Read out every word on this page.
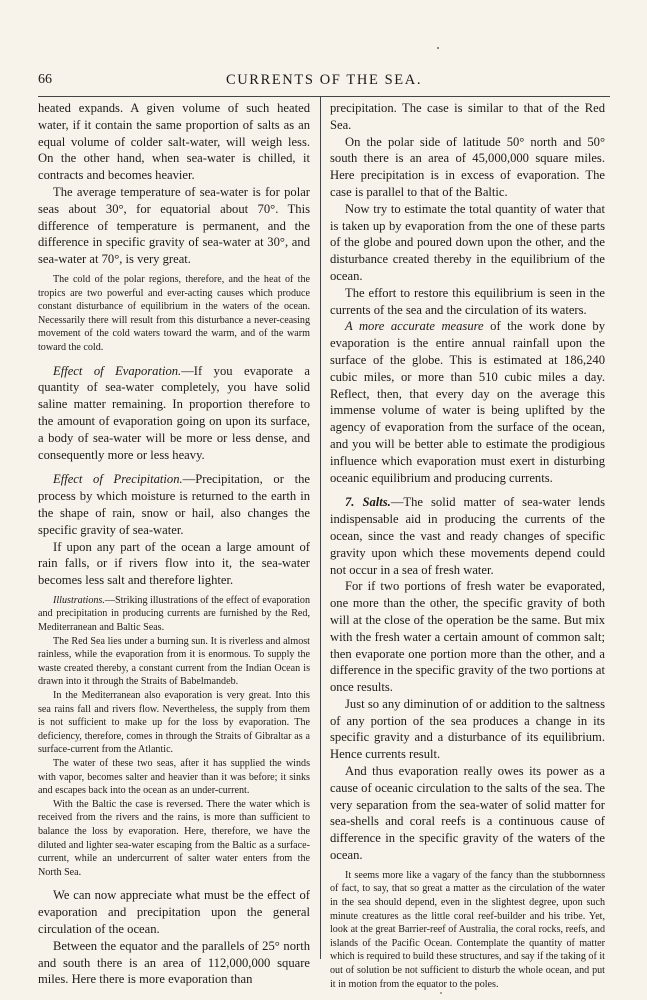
66	CURRENTS OF THE SEA.

heated expands. A given volume of such heated water, if it contain the same proportion of salts as an equal volume of colder salt-water, will weigh less. On the other hand, when sea-water is chilled, it contracts and becomes heavier.

The average temperature of sea-water is for polar seas about 30°, for equatorial about 70°. This difference of temperature is permanent, and the difference in specific gravity of sea-water at 30°, and sea-water at 70°, is very great.

The cold of the polar regions, therefore, and the heat of the tropics are two powerful and ever-acting causes which produce constant disturbance of equilibrium in the waters of the ocean. Necessarily there will result from this disturbance a never-ceasing movement of the cold waters toward the warm, and of the warm toward the cold.

Effect of Evaporation.—If you evaporate a quantity of sea-water completely, you have solid saline matter remaining. In proportion therefore to the amount of evaporation going on upon its surface, a body of sea-water will be more or less dense, and consequently more or less heavy.

Effect of Precipitation.—Precipitation, or the process by which moisture is returned to the earth in the shape of rain, snow or hail, also changes the specific gravity of sea-water.

If upon any part of the ocean a large amount of rain falls, or if rivers flow into it, the sea-water becomes less salt and therefore lighter.

Illustrations.—Striking illustrations of the effect of evaporation and precipitation in producing currents are furnished by the Red, Mediterranean and Baltic Seas.

The Red Sea lies under a burning sun. It is riverless and almost rainless, while the evaporation from it is enormous. To supply the waste created thereby, a constant current from the Indian Ocean is drawn into it through the Straits of Babelmandeb.

In the Mediterranean also evaporation is very great. Into this sea rains fall and rivers flow. Nevertheless, the supply from them is not sufficient to make up for the loss by evaporation. The deficiency, therefore, comes in through the Straits of Gibraltar as a surface-current from the Atlantic.

The water of these two seas, after it has supplied the winds with vapor, becomes salter and heavier than it was before; it sinks and escapes back into the ocean as an under-current.

With the Baltic the case is reversed. There the water which is received from the rivers and the rains, is more than sufficient to balance the loss by evaporation. Here, therefore, we have the diluted and lighter sea-water escaping from the Baltic as a surface-current, while an undercurrent of salter water enters from the North Sea.

We can now appreciate what must be the effect of evaporation and precipitation upon the general circulation of the ocean.

Between the equator and the parallels of 25° north and south there is an area of 112,000,000 square miles. Here there is more evaporation than

precipitation. The case is similar to that of the Red Sea.

On the polar side of latitude 50° north and 50° south there is an area of 45,000,000 square miles. Here precipitation is in excess of evaporation. The case is parallel to that of the Baltic.

Now try to estimate the total quantity of water that is taken up by evaporation from the one of these parts of the globe and poured down upon the other, and the disturbance created thereby in the equilibrium of the ocean.

The effort to restore this equilibrium is seen in the currents of the sea and the circulation of its waters.

A more accurate measure of the work done by evaporation is the entire annual rainfall upon the surface of the globe. This is estimated at 186,240 cubic miles, or more than 510 cubic miles a day. Reflect, then, that every day on the average this immense volume of water is being uplifted by the agency of evaporation from the surface of the ocean, and you will be better able to estimate the prodigious influence which evaporation must exert in disturbing oceanic equilibrium and producing currents.

7. Salts.—The solid matter of sea-water lends indispensable aid in producing the currents of the ocean, since the vast and ready changes of specific gravity upon which these movements depend could not occur in a sea of fresh water.

For if two portions of fresh water be evaporated, one more than the other, the specific gravity of both will at the close of the operation be the same. But mix with the fresh water a certain amount of common salt; then evaporate one portion more than the other, and a difference in the specific gravity of the two portions at once results.

Just so any diminution of or addition to the saltness of any portion of the sea produces a change in its specific gravity and a disturbance of its equilibrium. Hence currents result.

And thus evaporation really owes its power as a cause of oceanic circulation to the salts of the sea. The very separation from the sea-water of solid matter for sea-shells and coral reefs is a continuous cause of difference in the specific gravity of the waters of the ocean.

It seems more like a vagary of the fancy than the stubbornness of fact, to say, that so great a matter as the circulation of the water in the sea should depend, even in the slightest degree, upon such minute creatures as the little coral reef-builder and his tribe. Yet, look at the great Barrier-reef of Australia, the coral rocks, reefs, and islands of the Pacific Ocean. Contemplate the quantity of matter which is required to build these structures, and say if the taking of it out of solution be not sufficient to disturb the whole ocean, and put it in motion from the equator to the poles.
